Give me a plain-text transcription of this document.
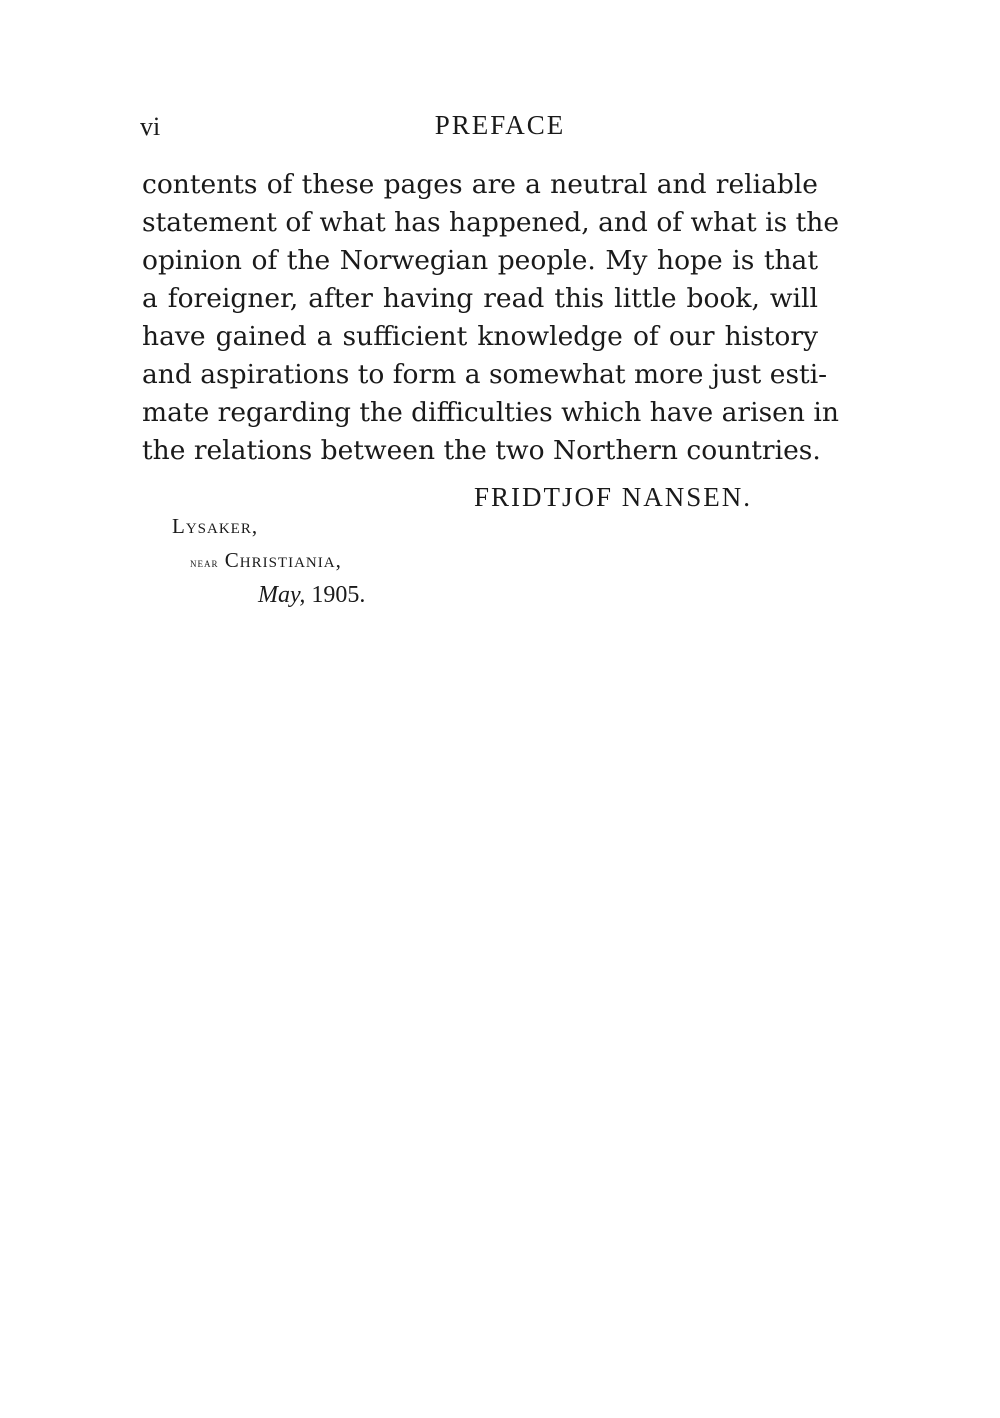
vi	PREFACE
contents of these pages are a neutral and reliable
statement of what has happened, and of what is the
opinion of the Norwegian people. My hope is that
a foreigner, after having read this little book, will
have gained a sufficient knowledge of our history
and aspirations to form a somewhat more just esti-
mate regarding the difficulties which have arisen in
the relations between the two Northern countries.
FRIDTJOF NANSEN.
Lysaker,
near Christiania,
May, 1905.
